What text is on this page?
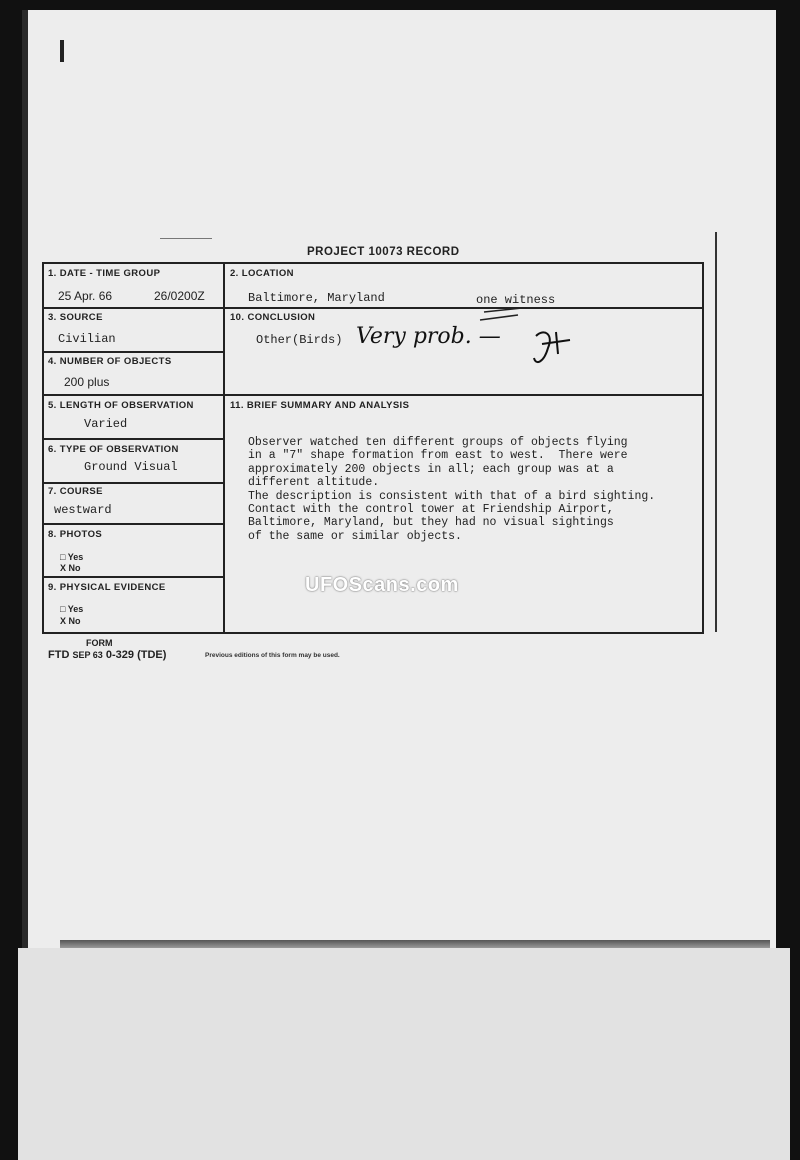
PROJECT 10073 RECORD
1. DATE - TIME GROUP
25 Apr. 66	26/0200Z
2. LOCATION
Baltimore, Maryland	one witness
3. SOURCE
Civilian
10. CONCLUSION
Other(Birds) Very prob. —
4. NUMBER OF OBJECTS
200 plus
5. LENGTH OF OBSERVATION
Varied
11. BRIEF SUMMARY AND ANALYSIS
Observer watched ten different groups of objects flying
in a "7" shape formation from east to west.  There were
approximately 200 objects in all; each group was at a
different altitude.
The description is consistent with that of a bird sighting.
Contact with the control tower at Friendship Airport,
Baltimore, Maryland, but they had no visual sightings
of the same or similar objects.
6. TYPE OF OBSERVATION
Ground Visual
7. COURSE
westward
8. PHOTOS
□ Yes
X No
9. PHYSICAL EVIDENCE
□ Yes
X No
FORM
FTD SEP 63 0-329 (TDE)	Previous editions of this form may be used.
UFOScans.com
